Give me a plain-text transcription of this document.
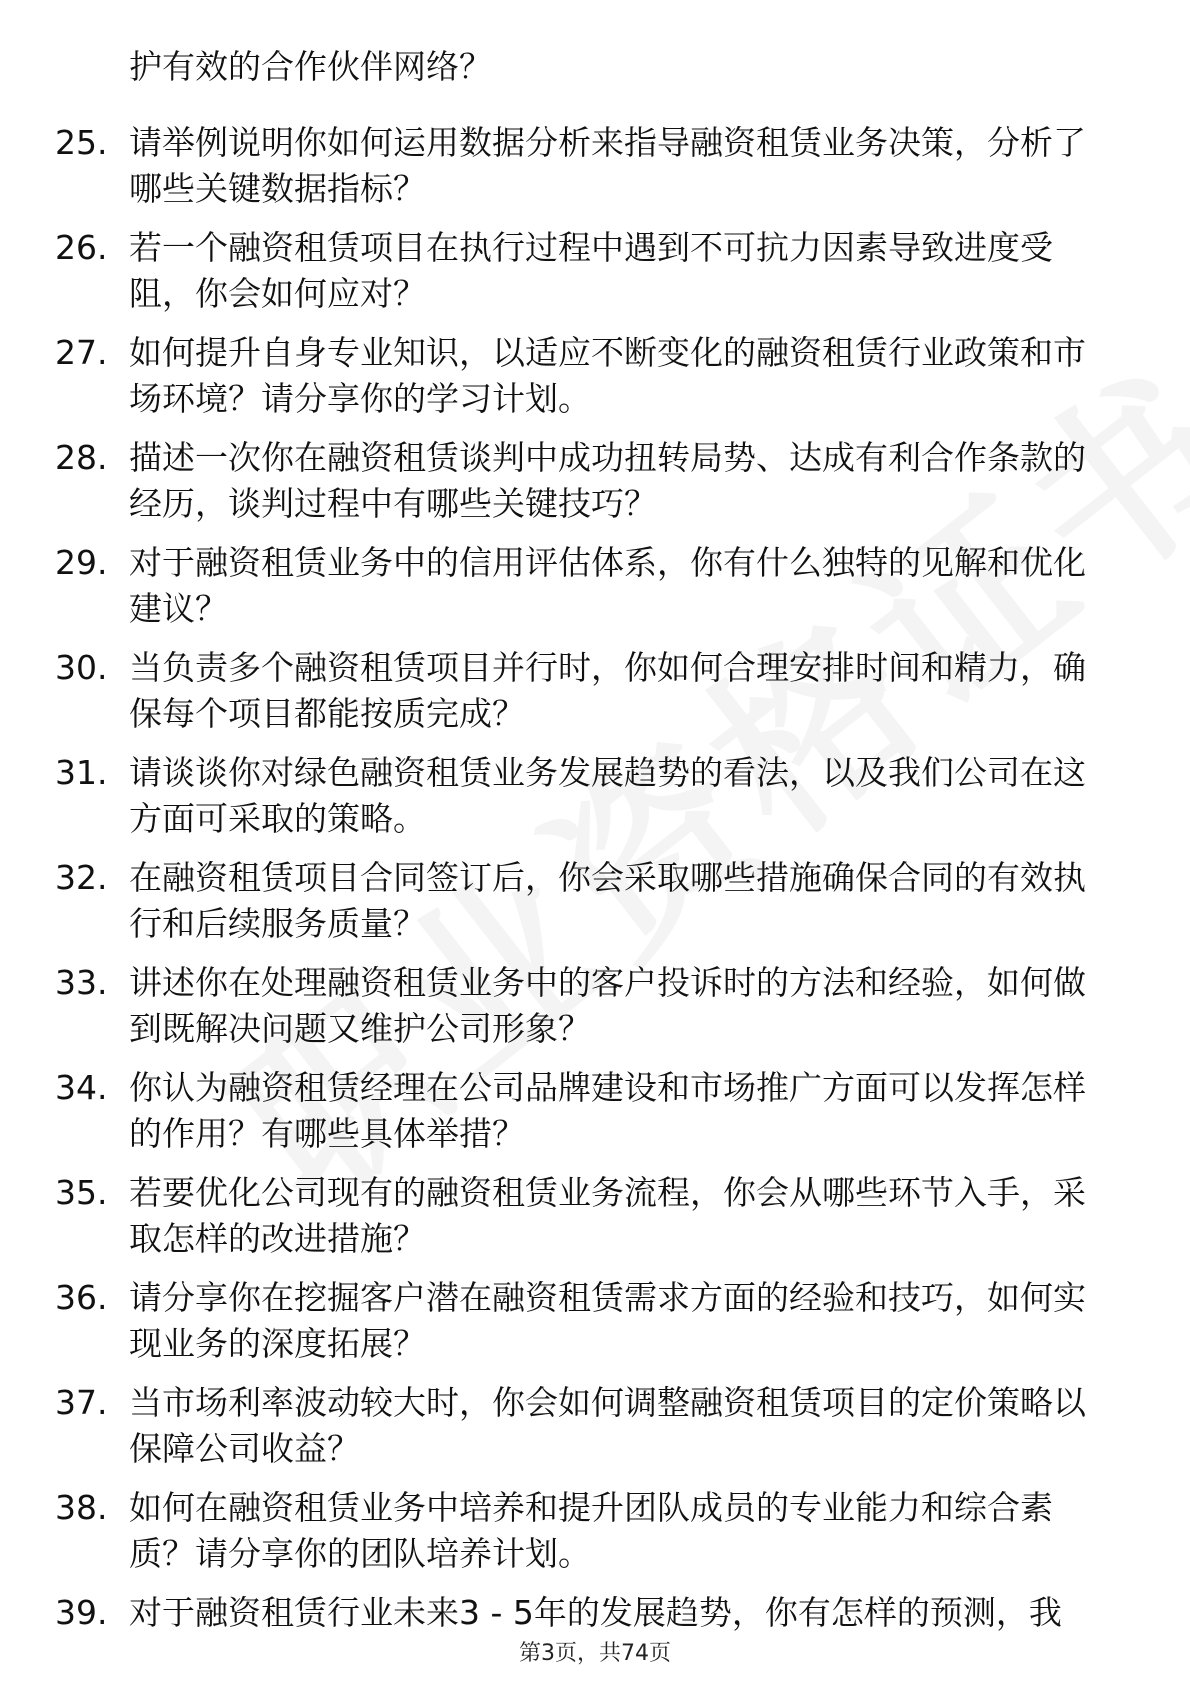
护有效的合作伙伴网络？
25. 请举例说明你如何运用数据分析来指导融资租赁业务决策，分析了哪些关键数据指标？
26. 若一个融资租赁项目在执行过程中遇到不可抗力因素导致进度受阻，你会如何应对？
27. 如何提升自身专业知识，以适应不断变化的融资租赁行业政策和市场环境？请分享你的学习计划。
28. 描述一次你在融资租赁谈判中成功扭转局势、达成有利合作条款的经历，谈判过程中有哪些关键技巧？
29. 对于融资租赁业务中的信用评估体系，你有什么独特的见解和优化建议？
30. 当负责多个融资租赁项目并行时，你如何合理安排时间和精力，确保每个项目都能按质完成？
31. 请谈谈你对绿色融资租赁业务发展趋势的看法，以及我们公司在这方面可采取的策略。
32. 在融资租赁项目合同签订后，你会采取哪些措施确保合同的有效执行和后续服务质量？
33. 讲述你在处理融资租赁业务中的客户投诉时的方法和经验，如何做到既解决问题又维护公司形象？
34. 你认为融资租赁经理在公司品牌建设和市场推广方面可以发挥怎样的作用？有哪些具体举措？
35. 若要优化公司现有的融资租赁业务流程，你会从哪些环节入手，采取怎样的改进措施？
36. 请分享你在挖掘客户潜在融资租赁需求方面的经验和技巧，如何实现业务的深度拓展？
37. 当市场利率波动较大时，你会如何调整融资租赁项目的定价策略以保障公司收益？
38. 如何在融资租赁业务中培养和提升团队成员的专业能力和综合素质？请分享你的团队培养计划。
39. 对于融资租赁行业未来3 - 5年的发展趋势，你有怎样的预测，我
第3页，共74页
